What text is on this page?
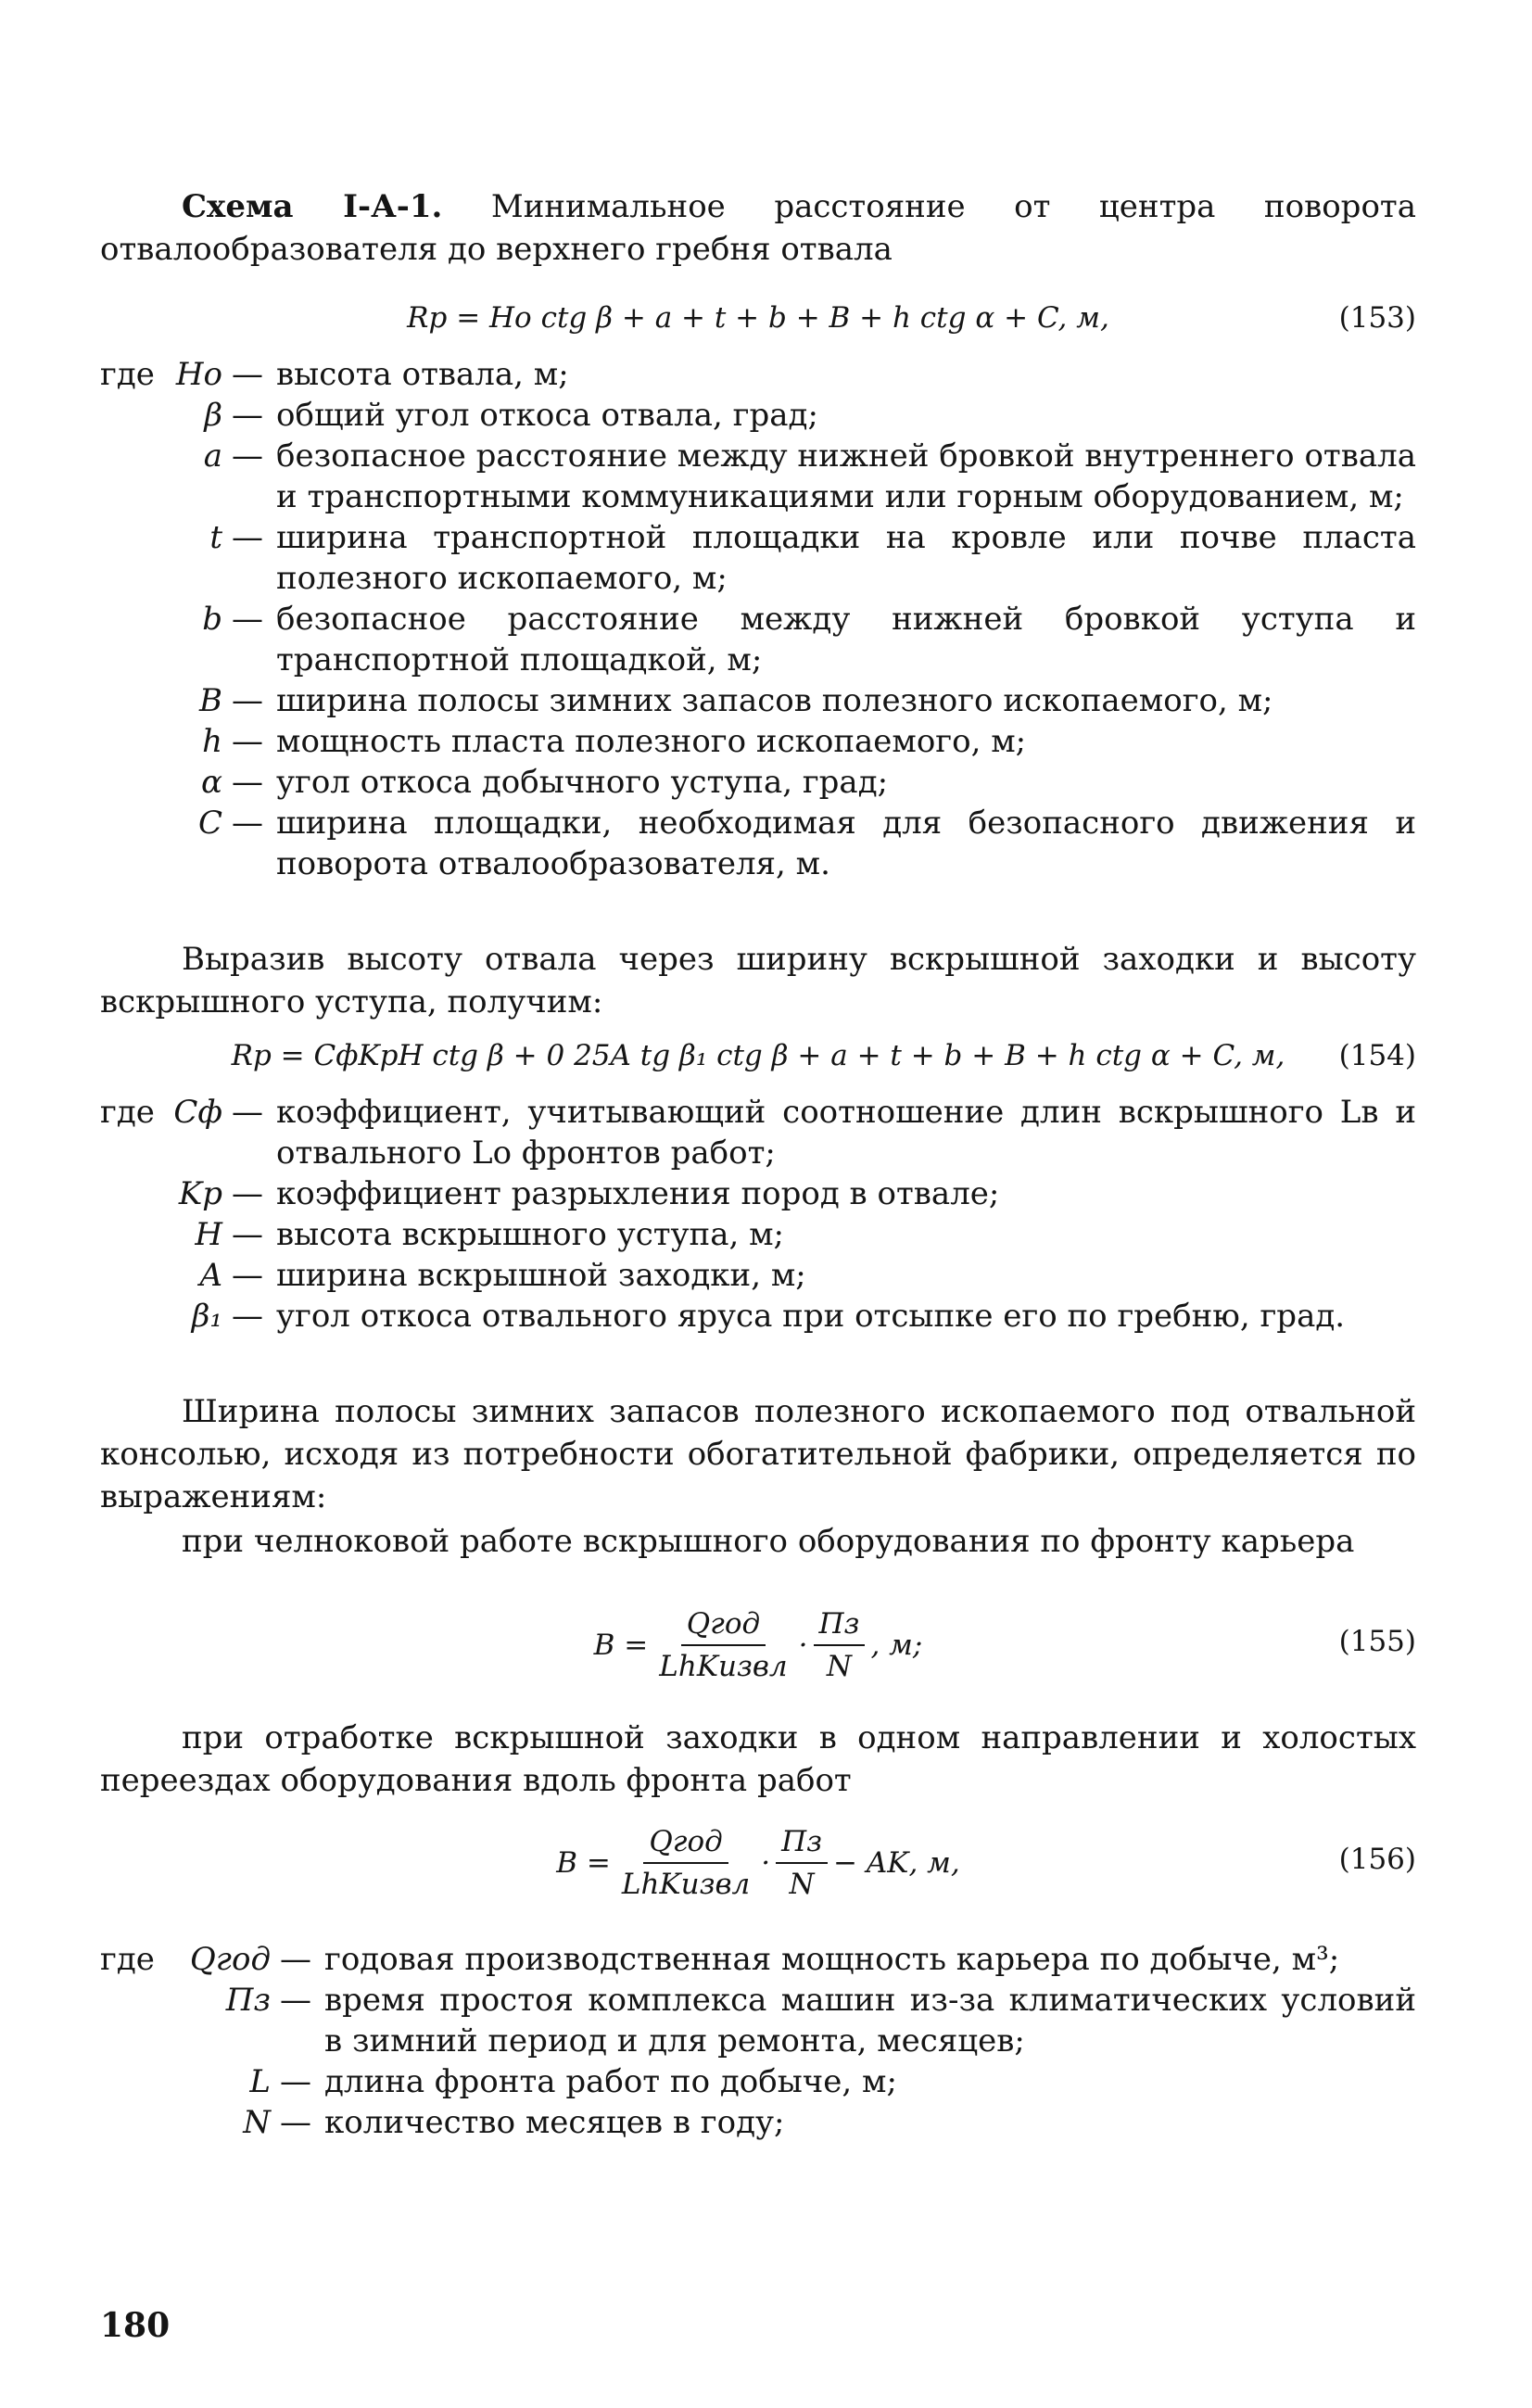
Схема I-А-1. Минимальное расстояние от центра поворота отвалообразователя до верхнего гребня отвала

Rр = Hо ctg β + a + t + b + B + h ctg α + C, м,	(153)
где Hо — высота отвала, м;
β — общий угол откоса отвала, град;
a — безопасное расстояние между нижней бровкой внутреннего отвала и транспортными коммуникациями или горным оборудованием, м;
t — ширина транспортной площадки на кровле или почве пласта полезного ископаемого, м;
b — безопасное расстояние между нижней бровкой уступа и транспортной площадкой, м;
B — ширина полосы зимних запасов полезного ископаемого, м;
h — мощность пласта полезного ископаемого, м;
α — угол откоса добычного уступа, град;
C — ширина площадки, необходимая для безопасного движения и поворота отвалообразователя, м.

Выразив высоту отвала через ширину вскрышной заходки и высоту вскрышного уступа, получим:

Rр = CфKрH ctg β + 0 25A tg β₁ ctg β + a + t + b + B + h ctg α + C, м,	(154)
где Cф — коэффициент, учитывающий соотношение длин вскрышного Lв и отвального Lо фронтов работ;
Kр — коэффициент разрыхления пород в отвале;
H — высота вскрышного уступа, м;
A — ширина вскрышной заходки, м;
β₁ — угол откоса отвального яруса при отсыпке его по гребню, град.

Ширина полосы зимних запасов полезного ископаемого под отвальной консолью, исходя из потребности обогатительной фабрики, определяется по выражениям:

при челноковой работе вскрышного оборудования по фронту карьера

$B = \frac{\text{Qгод}}{\text{LhKизвл}} \cdot \frac{Пз}{N}$ , м;	(155)

при отработке вскрышной заходки в одном направлении и холостых переездах оборудования вдоль фронта работ

$B = \frac{\text{Qгод}}{\text{LhKизвл}} \cdot \frac{Пз}{N}$ − AK, м,	(156)
где	Qгод — годовая производственная мощность карьера по добыче, м³;
Пз — время простоя комплекса машин из-за климатических условий в зимний период и для ремонта, месяцев;
L — длина фронта работ по добыче, м;
N — количество месяцев в году;
180
